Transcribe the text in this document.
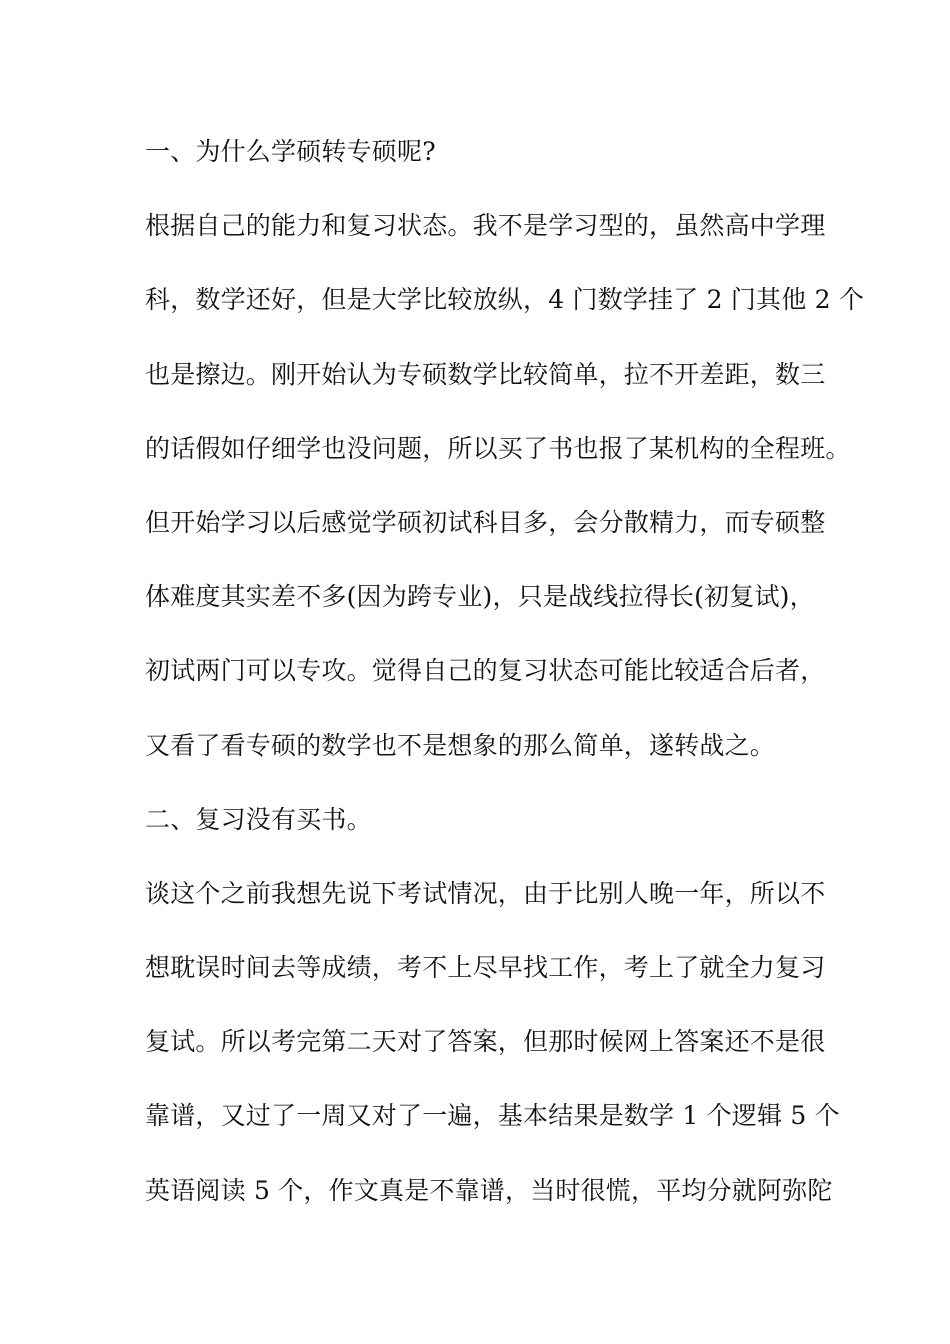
一、为什么学硕转专硕呢?
根据自己的能力和复习状态。我不是学习型的，虽然高中学理
科，数学还好，但是大学比较放纵，4 门数学挂了 2 门其他 2 个
也是擦边。刚开始认为专硕数学比较简单，拉不开差距，数三
的话假如仔细学也没问题，所以买了书也报了某机构的全程班。
但开始学习以后感觉学硕初试科目多，会分散精力，而专硕整
体难度其实差不多(因为跨专业)，只是战线拉得长(初复试)，
初试两门可以专攻。觉得自己的复习状态可能比较适合后者，
又看了看专硕的数学也不是想象的那么简单，遂转战之。
二、复习没有买书。
谈这个之前我想先说下考试情况，由于比别人晚一年，所以不
想耽误时间去等成绩，考不上尽早找工作，考上了就全力复习
复试。所以考完第二天对了答案，但那时候网上答案还不是很
靠谱，又过了一周又对了一遍，基本结果是数学 1 个逻辑 5 个
英语阅读 5 个，作文真是不靠谱，当时很慌，平均分就阿弥陀
